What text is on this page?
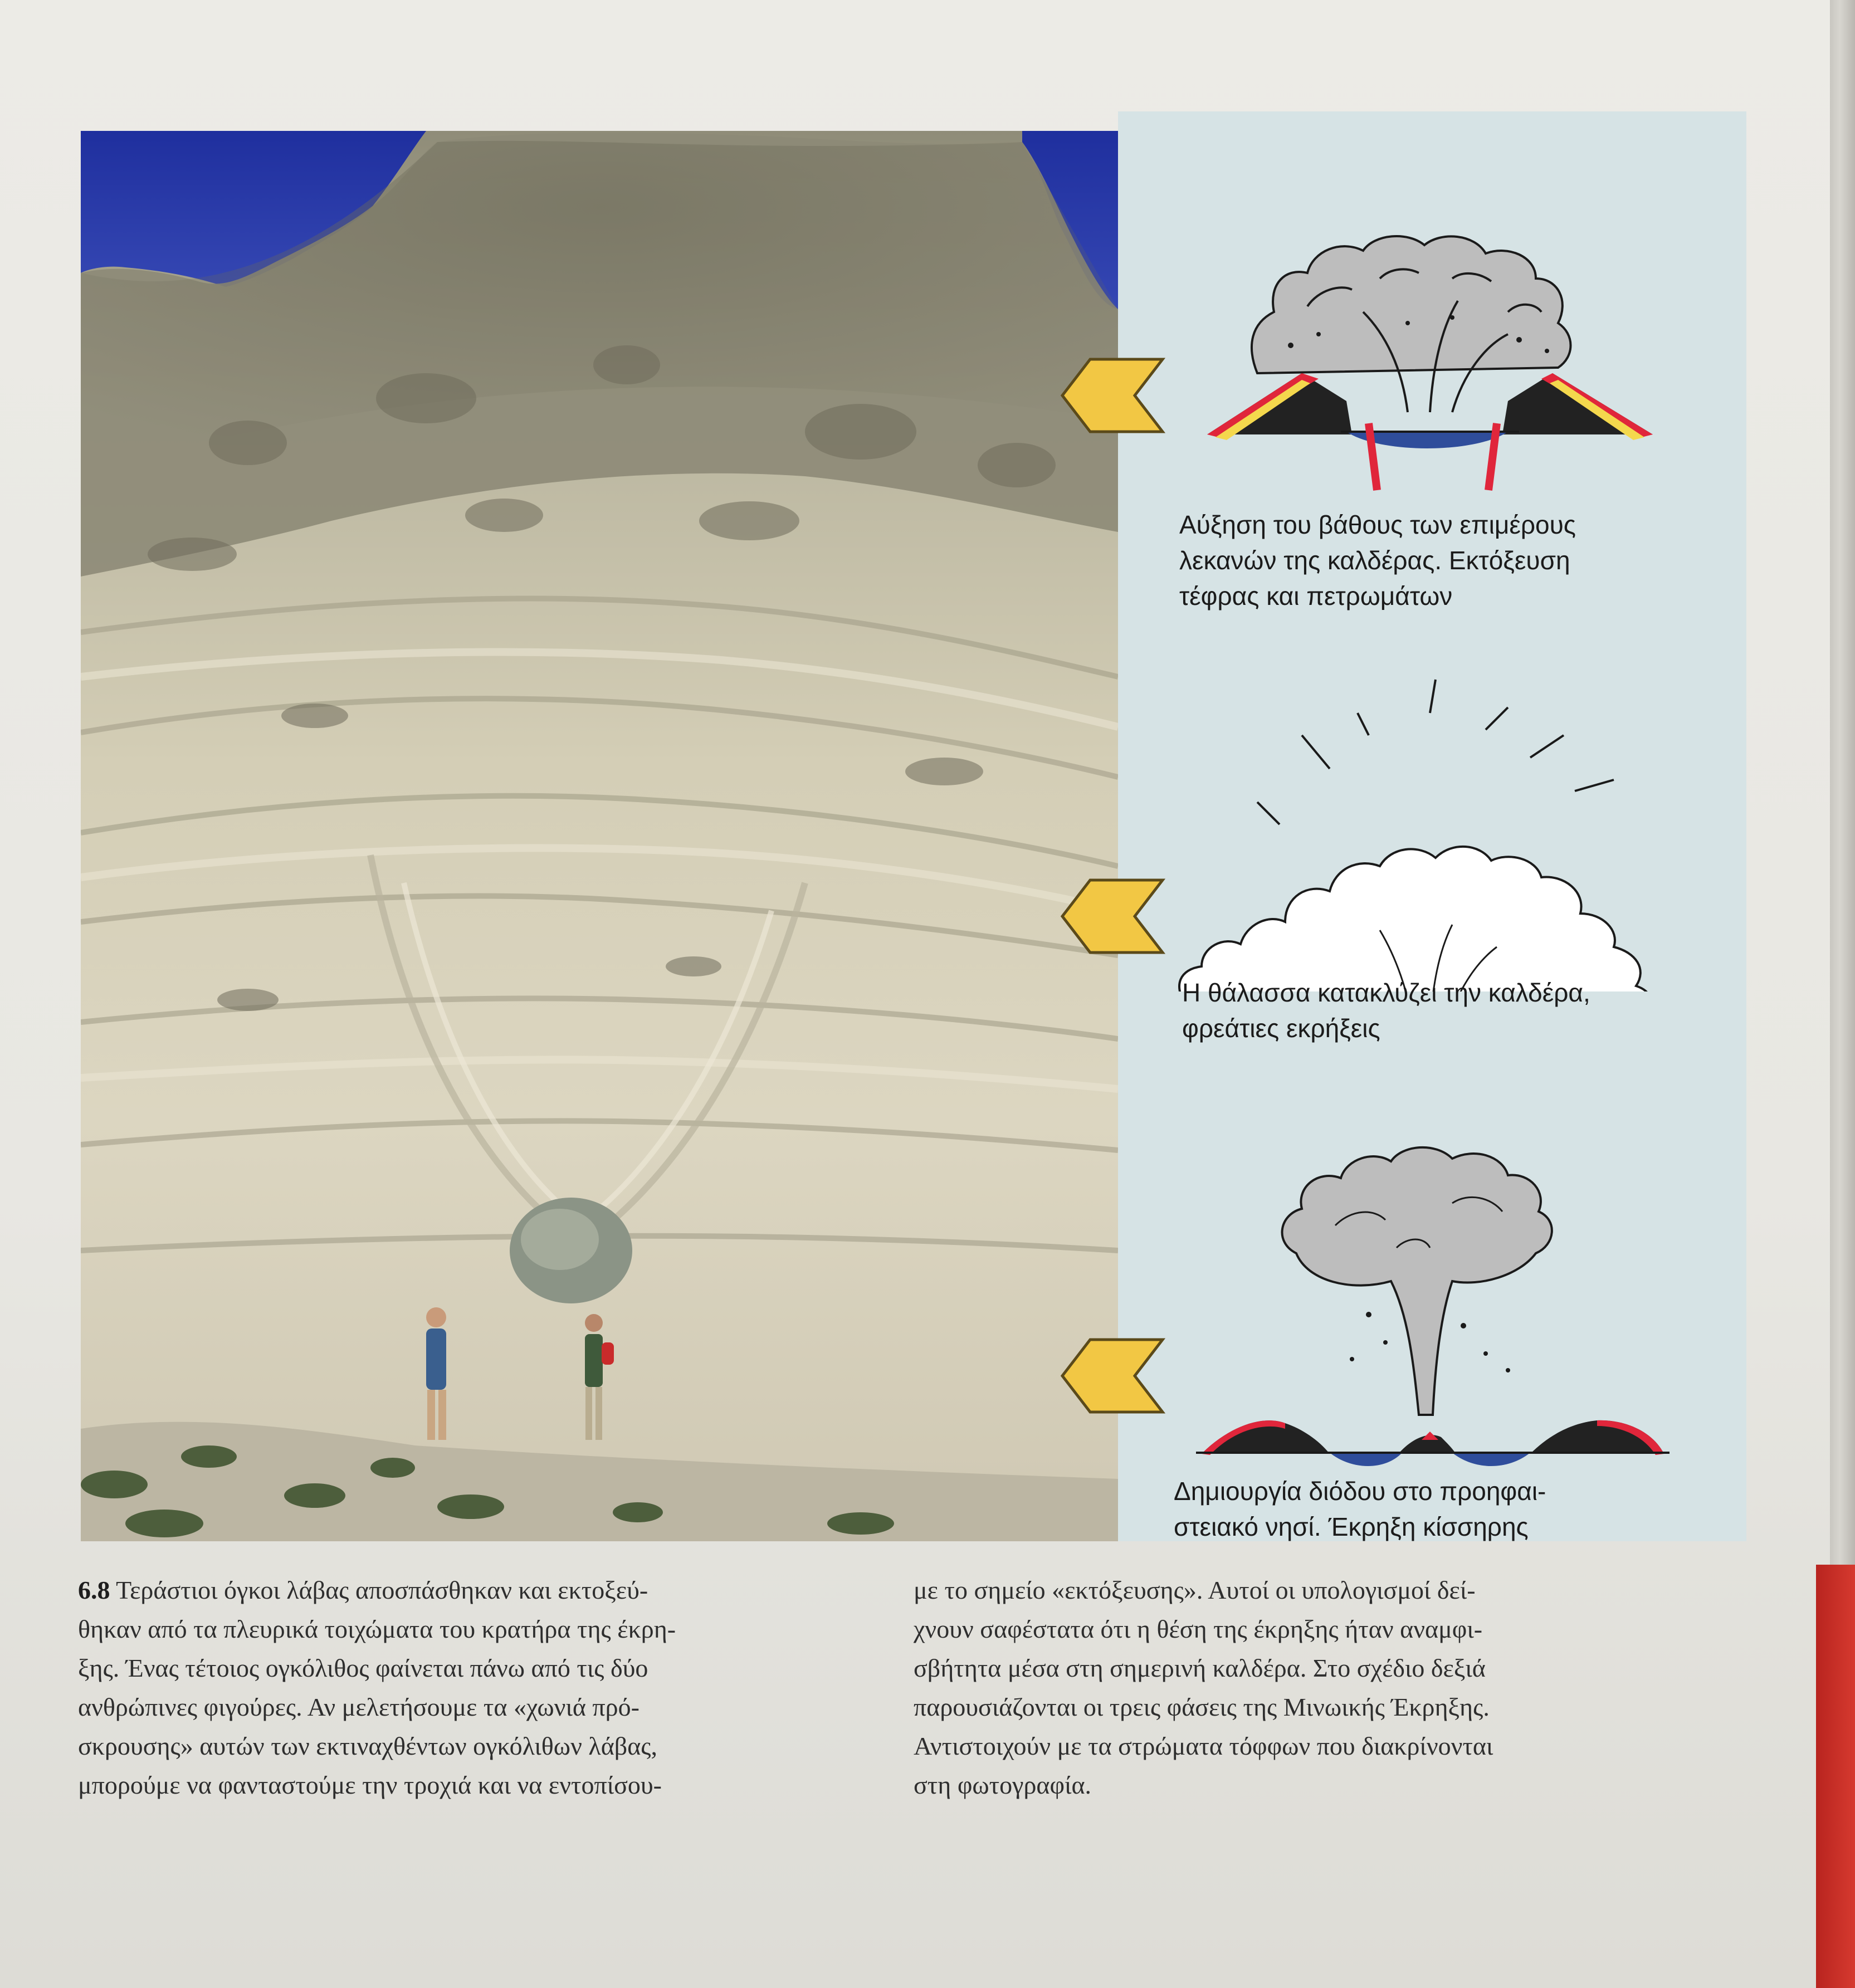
Αύξηση του βάθους των επιμέρους
λεκανών της καλδέρας. Εκτόξευση
τέφρας και πετρωμάτων
Η θάλασσα κατακλύζει την καλδέρα,
φρεάτιες εκρήξεις
Δημιουργία διόδου στο προηφαι-
στειακό νησί. Έκρηξη κίσσηρης
6.8 Τεράστιοι όγκοι λάβας αποσπάσθηκαν και εκτοξεύ-
θηκαν από τα πλευρικά τοιχώματα του κρατήρα της έκρη-
ξης. Ένας τέτοιος ογκόλιθος φαίνεται πάνω από τις δύο
ανθρώπινες φιγούρες. Αν μελετήσουμε τα «χωνιά πρό-
σκρουσης» αυτών των εκτιναχθέντων ογκόλιθων λάβας,
μπορούμε να φανταστούμε την τροχιά και να εντοπίσου-
με το σημείο «εκτόξευσης». Αυτοί οι υπολογισμοί δεί-
χνουν σαφέστατα ότι η θέση της έκρηξης ήταν αναμφι-
σβήτητα μέσα στη σημερινή καλδέρα. Στο σχέδιο δεξιά
παρουσιάζονται οι τρεις φάσεις της Μινωικής Έκρηξης.
Αντιστοιχούν με τα στρώματα τόφφων που διακρίνονται
στη φωτογραφία.
